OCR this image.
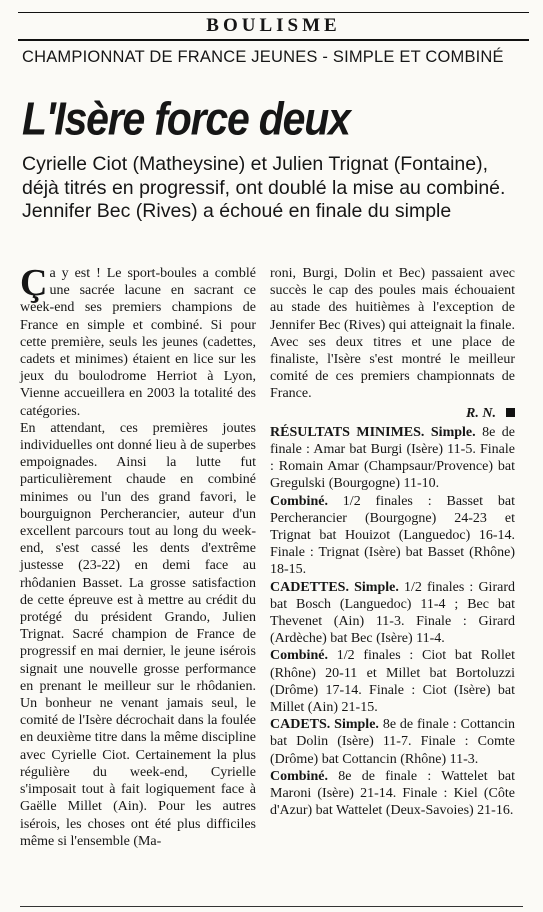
BOULISME
CHAMPIONNAT DE FRANCE JEUNES - SIMPLE ET COMBINÉ
L'Isère force deux
Cyrielle Ciot (Matheysine) et Julien Trignat (Fontaine), déjà titrés en progressif, ont doublé la mise au combiné. Jennifer Bec (Rives) a échoué en finale du simple

Ça y est ! Le sport-boules a comblé une sacrée lacune en sacrant ce week-end ses premiers champions de France en simple et combiné. Si pour cette première, seuls les jeunes (cadettes, cadets et minimes) étaient en lice sur les jeux du boulodrome Herriot à Lyon, Vienne accueillera en 2003 la totalité des catégories.

En attendant, ces premières joutes individuelles ont donné lieu à de superbes empoignades. Ainsi la lutte fut particulièrement chaude en combiné minimes ou l'un des grand favori, le bourguignon Percherancier, auteur d'un excellent parcours tout au long du week-end, s'est cassé les dents d'extrême justesse (23-22) en demi face au rhôdanien Basset. La grosse satisfaction de cette épreuve est à mettre au crédit du protégé du président Grando, Julien Trignat. Sacré champion de France de progressif en mai dernier, le jeune isérois signait une nouvelle grosse performance en prenant le meilleur sur le rhôdanien. Un bonheur ne venant jamais seul, le comité de l'Isère décrochait dans la foulée en deuxième titre dans la même discipline avec Cyrielle Ciot. Certainement la plus régulière du week-end, Cyrielle s'imposait tout à fait logiquement face à Gaëlle Millet (Ain). Pour les autres isérois, les choses ont été plus difficiles même si l'ensemble (Ma-

roni, Burgi, Dolin et Bec) passaient avec succès le cap des poules mais échouaient au stade des huitièmes à l'exception de Jennifer Bec (Rives) qui atteignait la finale. Avec ses deux titres et une place de finaliste, l'Isère s'est montré le meilleur comité de ces premiers championnats de France.

R. N.

RÉSULTATS MINIMES. Simple. 8e de finale : Amar bat Burgi (Isère) 11-5. Finale : Romain Amar (Champsaur/Provence) bat Gregulski (Bourgogne) 11-10.

Combiné. 1/2 finales : Basset bat Percherancier (Bourgogne) 24-23 et Trignat bat Houizot (Languedoc) 16-14. Finale : Trignat (Isère) bat Basset (Rhône) 18-15.

CADETTES. Simple. 1/2 finales : Girard bat Bosch (Languedoc) 11-4 ; Bec bat Thevenet (Ain) 11-3. Finale : Girard (Ardèche) bat Bec (Isère) 11-4.

Combiné. 1/2 finales : Ciot bat Rollet (Rhône) 20-11 et Millet bat Bortoluzzi (Drôme) 17-14. Finale : Ciot (Isère) bat Millet (Ain) 21-15.

CADETS. Simple. 8e de finale : Cottancin bat Dolin (Isère) 11-7. Finale : Comte (Drôme) bat Cottancin (Rhône) 11-3.

Combiné. 8e de finale : Wattelet bat Maroni (Isère) 21-14. Finale : Kiel (Côte d'Azur) bat Wattelet (Deux-Savoies) 21-16.
